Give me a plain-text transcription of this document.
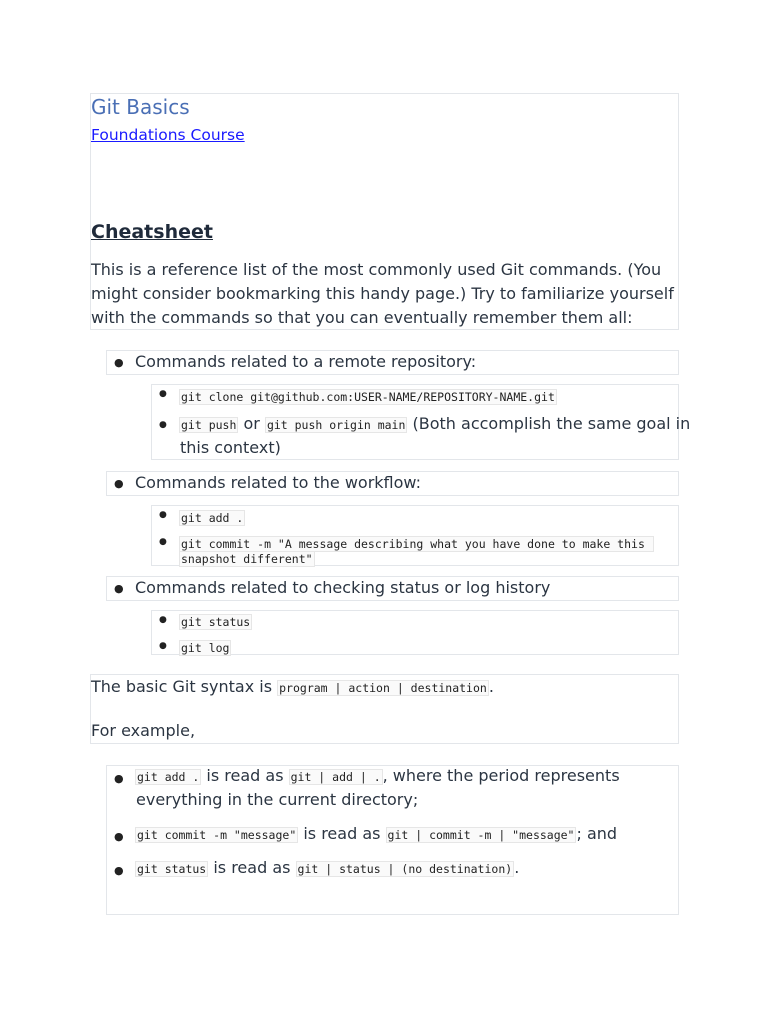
Git Basics
Foundations Course
Cheatsheet
This is a reference list of the most commonly used Git commands. (You
might consider bookmarking this handy page.) Try to familiarize yourself
with the commands so that you can eventually remember them all:
● Commands related to a remote repository:
● git clone git@github.com:USER-NAME/REPOSITORY-NAME.git
● git push or git push origin main (Both accomplish the same goal in
this context)
● Commands related to the workflow:
● git add .
● git commit -m "A message describing what you have done to make this
snapshot different"
● Commands related to checking status or log history
● git status
● git log
The basic Git syntax is program | action | destination .
For example,
● git add . is read as git | add | . , where the period represents
everything in the current directory;
● git commit -m "message" is read as git | commit -m | "message" ; and
● git status is read as git | status | (no destination) .
